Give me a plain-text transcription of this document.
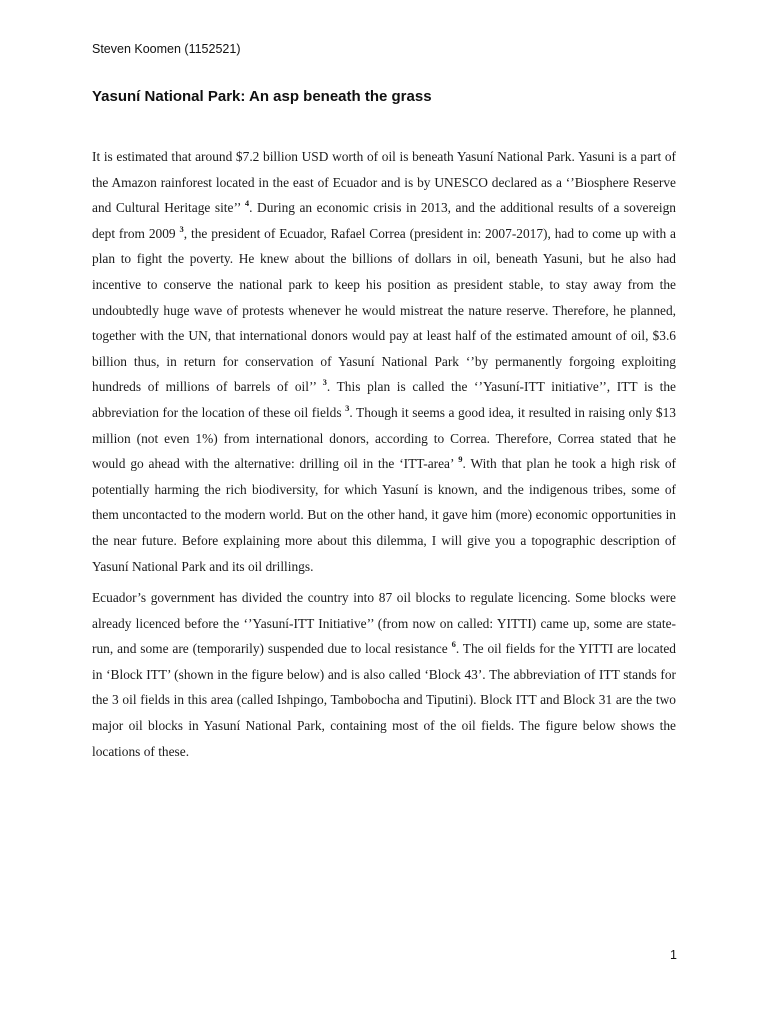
Steven Koomen (1152521)
Yasuní National Park: An asp beneath the grass

It is estimated that around $7.2 billion USD worth of oil is beneath Yasuní National Park. Yasuni is a part of the Amazon rainforest located in the east of Ecuador and is by UNESCO declared as a ‘’Biosphere Reserve and Cultural Heritage site’’ $^4$. During an economic crisis in 2013, and the additional results of a sovereign dept from 2009 $^3$, the president of Ecuador, Rafael Correa (president in: 2007-2017), had to come up with a plan to fight the poverty. He knew about the billions of dollars in oil, beneath Yasuni, but he also had incentive to conserve the national park to keep his position as president stable, to stay away from the undoubtedly huge wave of protests whenever he would mistreat the nature reserve. Therefore, he planned, together with the UN, that international donors would pay at least half of the estimated amount of oil, $3.6 billion thus, in return for conservation of Yasuní National Park ‘’by permanently forgoing exploiting hundreds of millions of barrels of oil’’ $^3$. This plan is called the ‘’Yasuní-ITT initiative’’, ITT is the abbreviation for the location of these oil fields $^3$. Though it seems a good idea, it resulted in raising only $13 million (not even 1%) from international donors, according to Correa. Therefore, Correa stated that he would go ahead with the alternative: drilling oil in the ‘ITT-area’ $^9$. With that plan he took a high risk of potentially harming the rich biodiversity, for which Yasuní is known, and the indigenous tribes, some of them uncontacted to the modern world. But on the other hand, it gave him (more) economic opportunities in the near future. Before explaining more about this dilemma, I will give you a topographic description of Yasuní National Park and its oil drillings.

Ecuador’s government has divided the country into 87 oil blocks to regulate licencing. Some blocks were already licenced before the ‘’Yasuní-ITT Initiative’’ (from now on called: YITTI) came up, some are state-run, and some are (temporarily) suspended due to local resistance $^6$. The oil fields for the YITTI are located in ‘Block ITT’ (shown in the figure below) and is also called ‘Block 43’. The abbreviation of ITT stands for the 3 oil fields in this area (called Ishpingo, Tambobocha and Tiputini). Block ITT and Block 31 are the two major oil blocks in Yasuní National Park, containing most of the oil fields. The figure below shows the locations of these.

1
